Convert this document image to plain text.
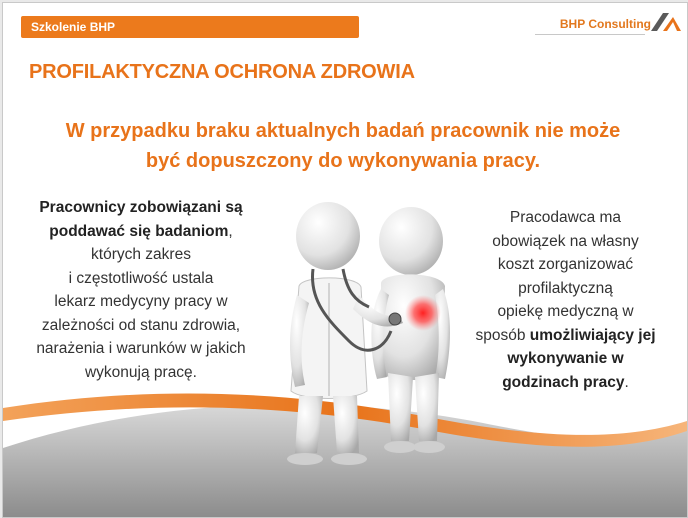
Szkolenie BHP	BHP Consulting
PROFILAKTYCZNA OCHRONA ZDROWIA
W przypadku braku aktualnych badań pracownik nie może
być dopuszczony do wykonywania pracy.
Pracownicy zobowiązani są
poddawać się badaniom,
których zakres
i częstotliwość ustala
lekarz medycyny pracy w
zależności od stanu zdrowia,
narażenia i warunków w jakich
wykonują pracę.
Pracodawca ma
obowiązek na własny
koszt zorganizować
profilaktyczną
opiekę medyczną w
sposób umożliwiający jej
wykonywanie w
godzinach pracy.
